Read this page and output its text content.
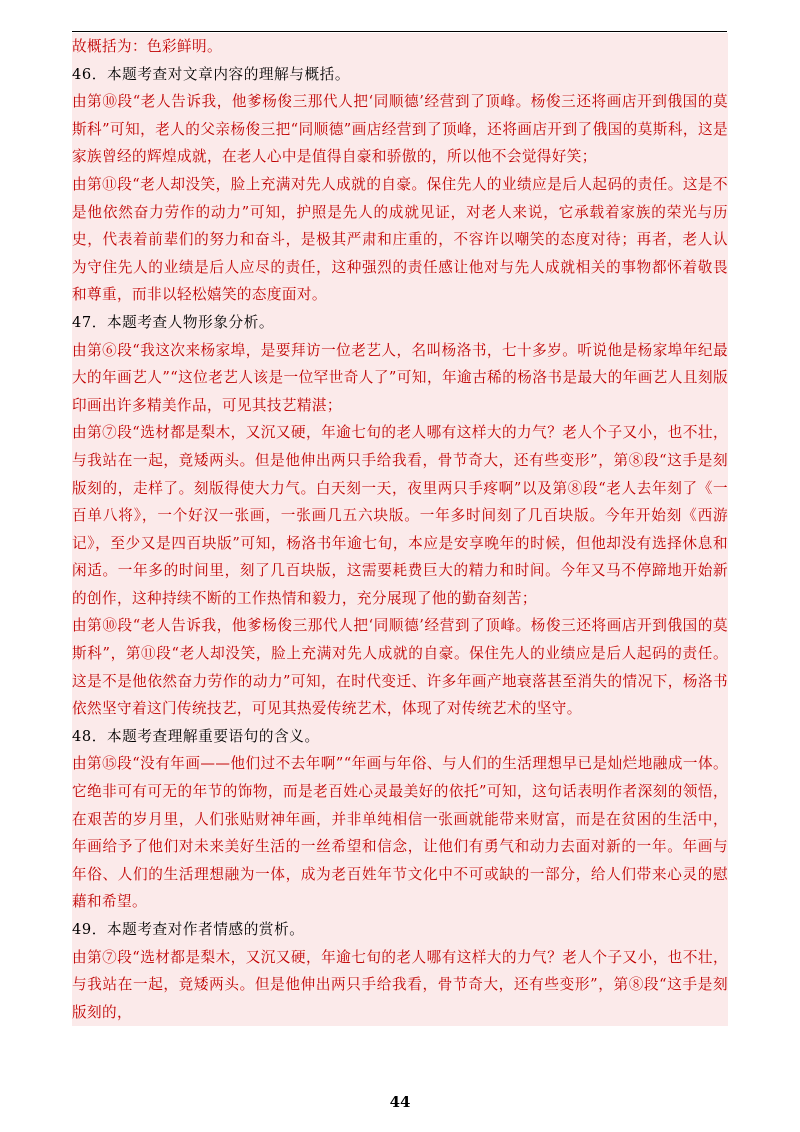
故概括为：色彩鲜明。

46．本题考查对文章内容的理解与概括。

由第⑩段“老人告诉我，他爹杨俊三那代人把‘同顺德’经营到了顶峰。杨俊三还将画店开到俄国的莫斯科”可知，老人的父亲杨俊三把“同顺德”画店经营到了顶峰，还将画店开到了俄国的莫斯科，这是家族曾经的辉煌成就，在老人心中是值得自豪和骄傲的，所以他不会觉得好笑；

由第⑪段“老人却没笑，脸上充满对先人成就的自豪。保住先人的业绩应是后人起码的责任。这是不是他依然奋力劳作的动力”可知，护照是先人的成就见证，对老人来说，它承载着家族的荣光与历史，代表着前辈们的努力和奋斗，是极其严肃和庄重的，不容许以嘲笑的态度对待；再者，老人认为守住先人的业绩是后人应尽的责任，这种强烈的责任感让他对与先人成就相关的事物都怀着敬畏和尊重，而非以轻松嬉笑的态度面对。

47．本题考查人物形象分析。

由第⑥段“我这次来杨家埠，是要拜访一位老艺人，名叫杨洛书，七十多岁。听说他是杨家埠年纪最大的年画艺人”“这位老艺人该是一位罕世奇人了”可知，年逾古稀的杨洛书是最大的年画艺人且刻版印画出许多精美作品，可见其技艺精湛；

由第⑦段“选材都是梨木，又沉又硬，年逾七旬的老人哪有这样大的力气？老人个子又小，也不壮，与我站在一起，竟矮两头。但是他伸出两只手给我看，骨节奇大，还有些变形”，第⑧段“这手是刻版刻的，走样了。刻版得使大力气。白天刻一天，夜里两只手疼啊”以及第⑧段“老人去年刻了《一百单八将》，一个好汉一张画，一张画几五六块版。一年多时间刻了几百块版。今年开始刻《西游记》，至少又是四百块版”可知，杨洛书年逾七旬，本应是安享晚年的时候，但他却没有选择休息和闲适。一年多的时间里，刻了几百块版，这需要耗费巨大的精力和时间。今年又马不停蹄地开始新的创作，这种持续不断的工作热情和毅力，充分展现了他的勤奋刻苦；

由第⑩段“老人告诉我，他爹杨俊三那代人把‘同顺德’经营到了顶峰。杨俊三还将画店开到俄国的莫斯科”，第⑪段“老人却没笑，脸上充满对先人成就的自豪。保住先人的业绩应是后人起码的责任。这是不是他依然奋力劳作的动力”可知，在时代变迁、许多年画产地衰落甚至消失的情况下，杨洛书依然坚守着这门传统技艺，可见其热爱传统艺术，体现了对传统艺术的坚守。

48．本题考查理解重要语句的含义。

由第⑮段“没有年画——他们过不去年啊”“年画与年俗、与人们的生活理想早已是灿烂地融成一体。它绝非可有可无的年节的饰物，而是老百姓心灵最美好的依托”可知，这句话表明作者深刻的领悟，在艰苦的岁月里，人们张贴财神年画，并非单纯相信一张画就能带来财富，而是在贫困的生活中，年画给予了他们对未来美好生活的一丝希望和信念，让他们有勇气和动力去面对新的一年。年画与年俗、人们的生活理想融为一体，成为老百姓年节文化中不可或缺的一部分，给人们带来心灵的慰藉和希望。

49．本题考查对作者情感的赏析。

由第⑦段“选材都是梨木，又沉又硬，年逾七旬的老人哪有这样大的力气？老人个子又小，也不壮，与我站在一起，竟矮两头。但是他伸出两只手给我看，骨节奇大，还有些变形”，第⑧段“这手是刻版刻的，

44
